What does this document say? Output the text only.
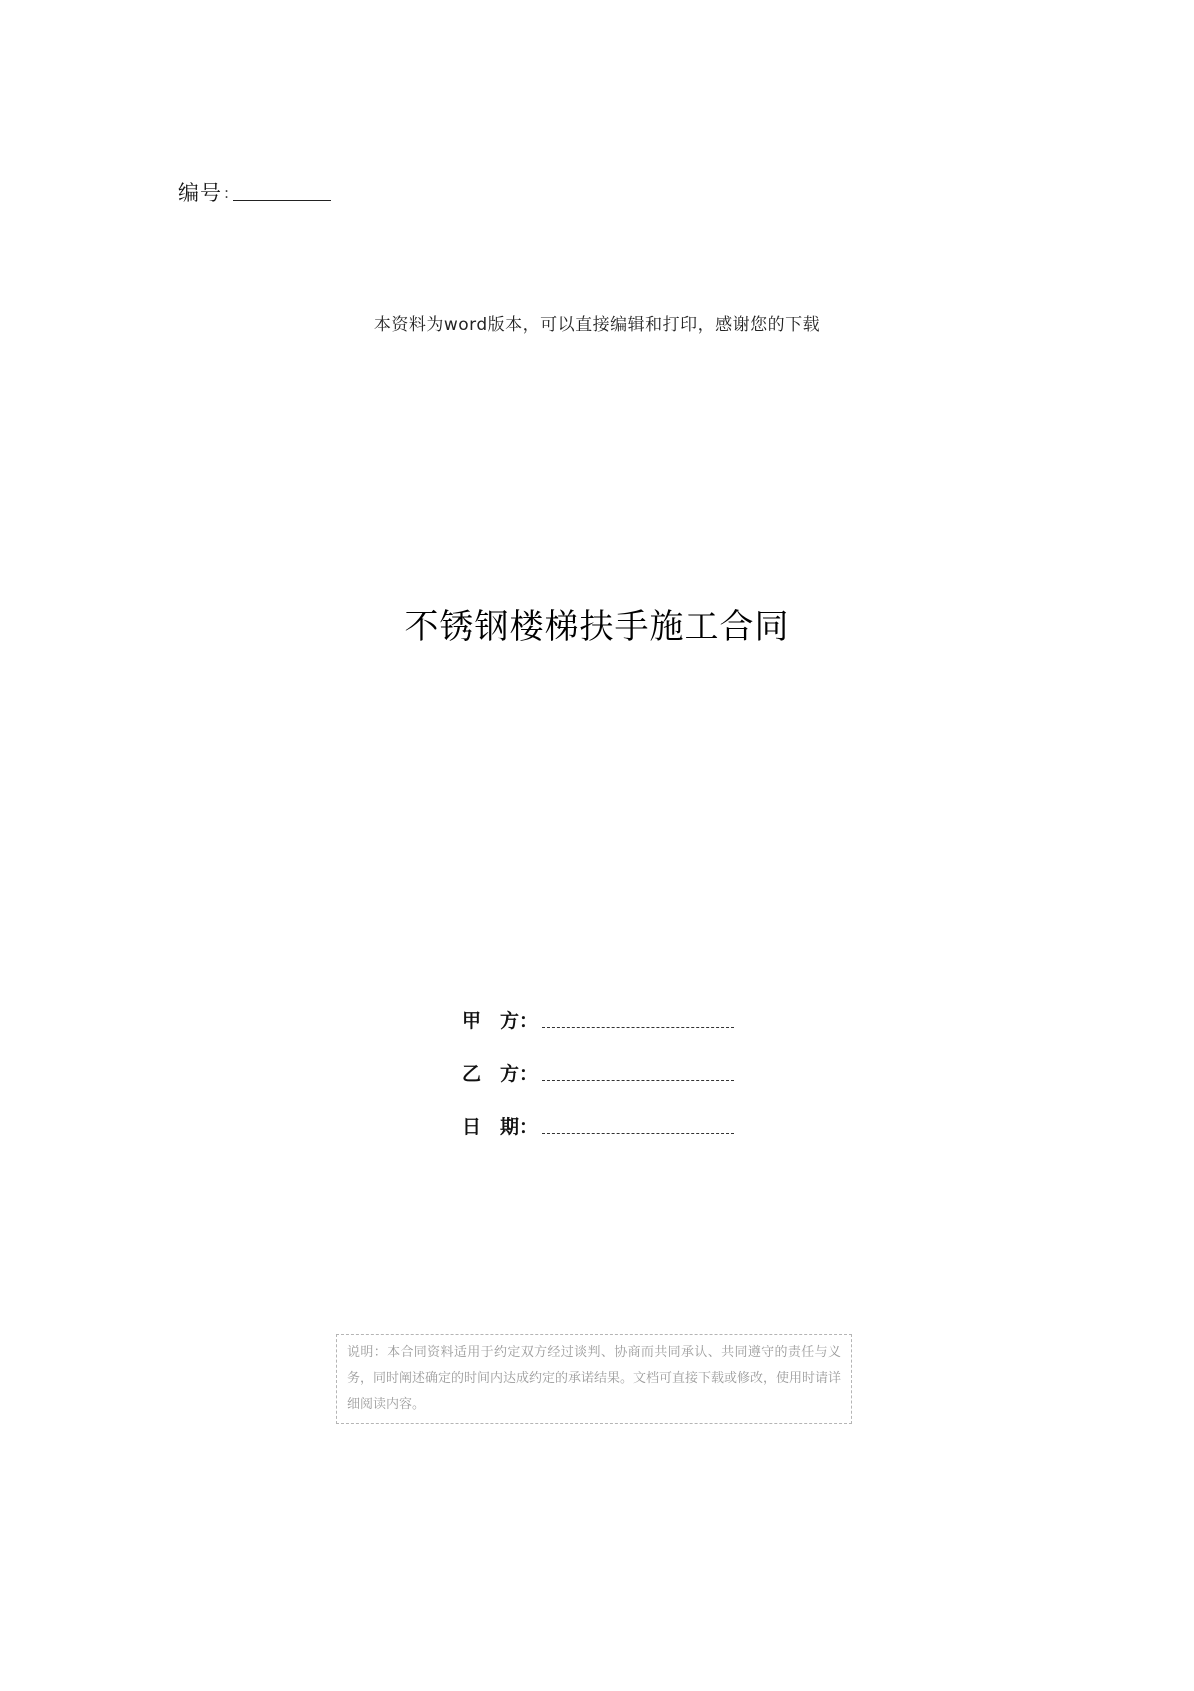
编号 :
本资料为word版本，可以直接编辑和打印，感谢您的下载
不锈钢楼梯扶手施工合同
甲　方：
乙　方：
日　期：
说明：本合同资料适用于约定双方经过谈判、协商而共同承认、共同遵守的责任与义务，同时阐述确定的时间内达成约定的承诺结果。文档可直接下载或修改，使用时请详细阅读内容。
